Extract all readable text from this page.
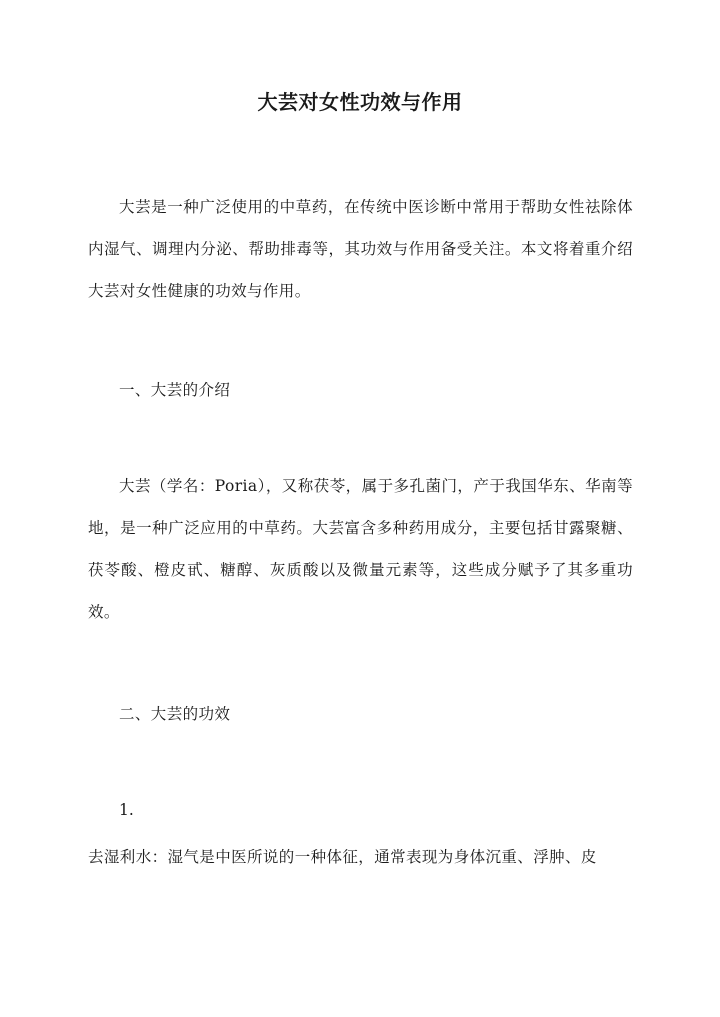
大芸对女性功效与作用

大芸是一种广泛使用的中草药，在传统中医诊断中常用于帮助女性祛除体内湿气、调理内分泌、帮助排毒等，其功效与作用备受关注。本文将着重介绍大芸对女性健康的功效与作用。

一、大芸的介绍

大芸（学名：Poria），又称茯苓，属于多孔菌门，产于我国华东、华南等地，是一种广泛应用的中草药。大芸富含多种药用成分，主要包括甘露聚糖、茯苓酸、橙皮甙、糖醇、灰质酸以及微量元素等，这些成分赋予了其多重功效。

二、大芸的功效

1.

去湿利水：湿气是中医所说的一种体征，通常表现为身体沉重、浮肿、皮
